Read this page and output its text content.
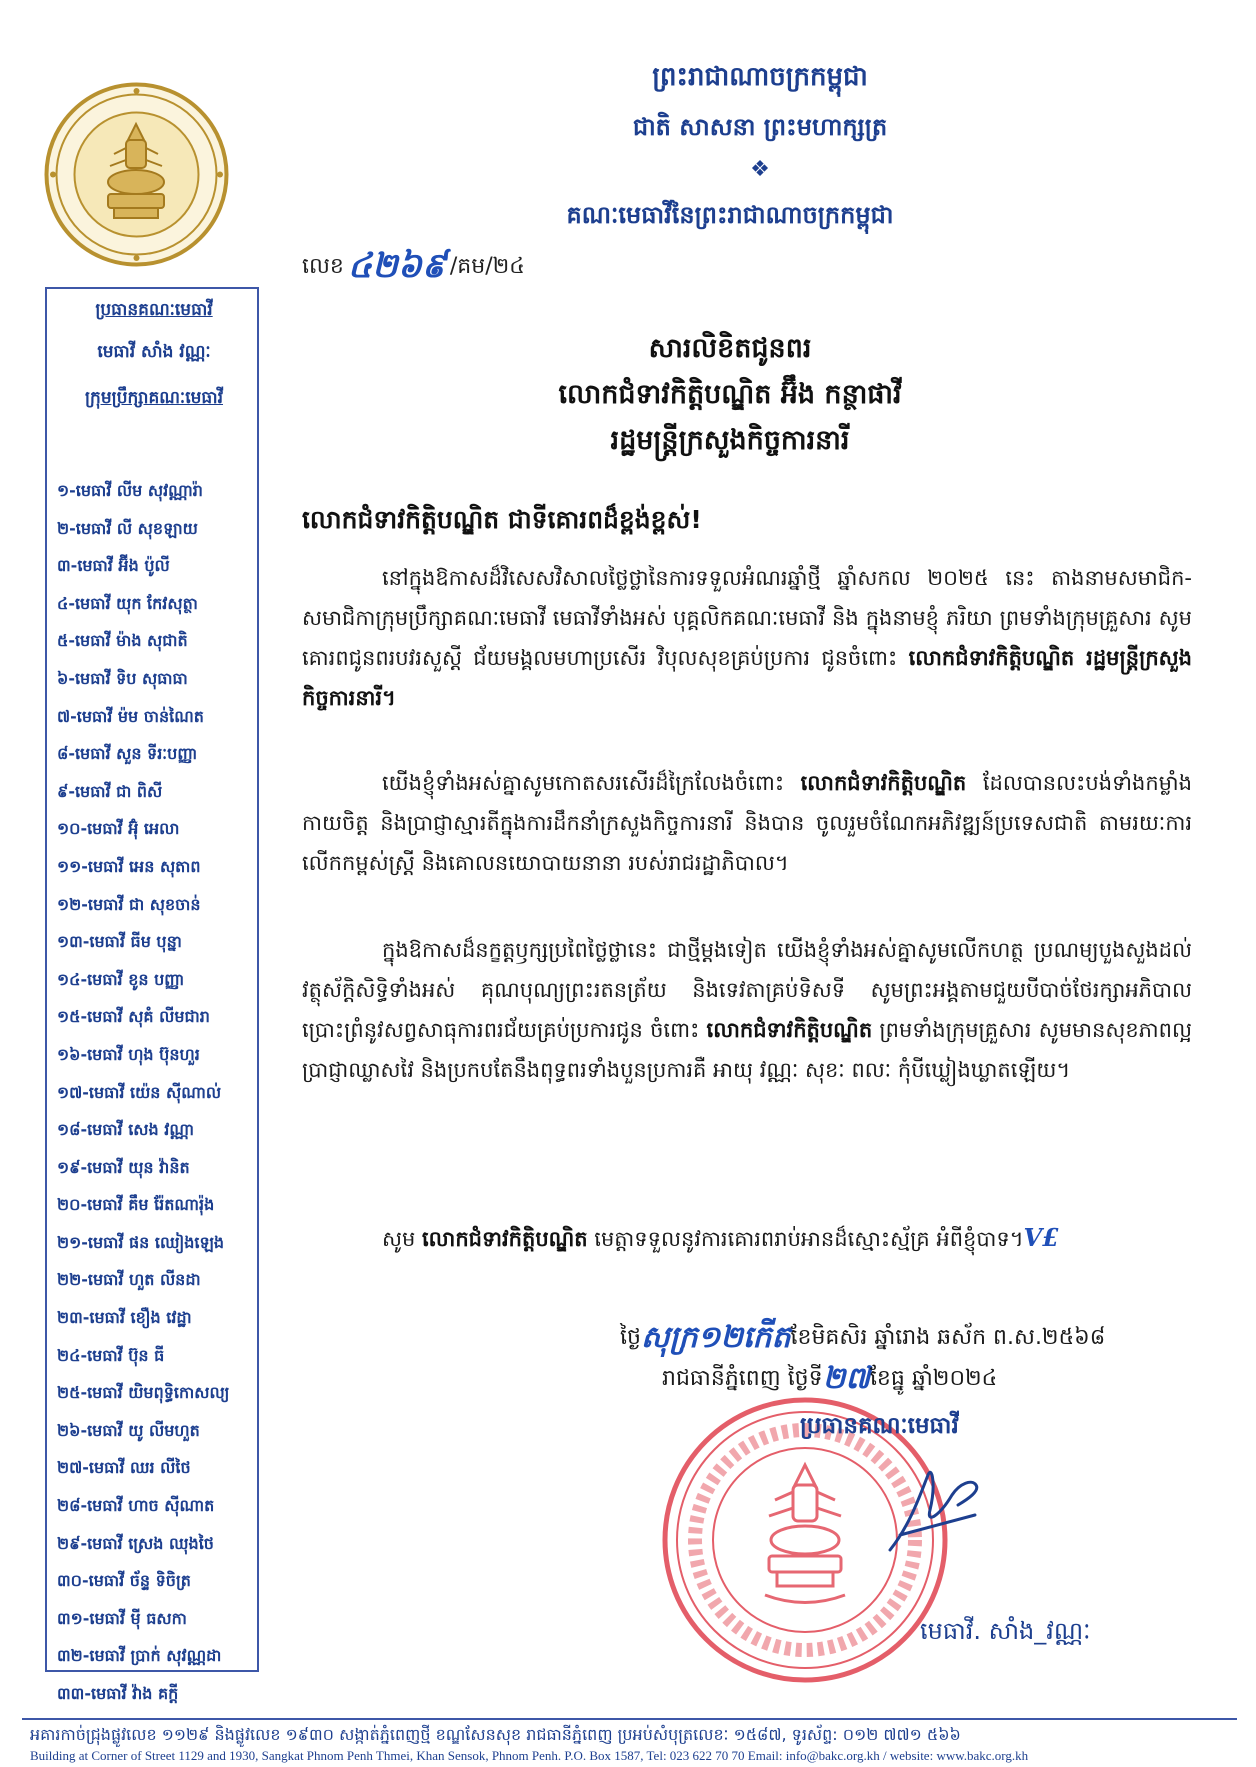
ព្រះរាជាណាចក្រកម្ពុជា
ជាតិ សាសនា ព្រះមហាក្សត្រ
❖
គណៈមេធាវីនៃព្រះរាជាណាចក្រកម្ពុជា
លេខ ៤២៦៩ /គម/២៤
ប្រធានគណៈមេធាវី
មេធាវី សាំង វណ្ណៈ
ក្រុមប្រឹក្សាគណៈមេធាវី
១-មេធាវី លីម សុវណ្ណារ៉ា
២-មេធាវី លី សុខឡាយ
៣-មេធាវី អ៊ីង ប៉ូលី
៤-មេធាវី យុក កែវសុត្ថា
៥-មេធាវី ម៉ាង សុជាតិ
៦-មេធាវី ទិប សុធាធា
៧-មេធាវី ម៉ម ចាន់ណៃត
៨-មេធាវី សួន ទីរៈបញ្ញា
៩-មេធាវី ជា ពិសី
១០-មេធាវី អ៊ុំ អេលា
១១-មេធាវី អេន សុតាព
១២-មេធាវី ជា សុខចាន់
១៣-មេធាវី ធីម បុន្នា
១៤-មេធាវី ខូន បញ្ញា
១៥-មេធាវី សុគំ លីមជារា
១៦-មេធាវី ហុង ប៊ុនហួរ
១៧-មេធាវី យ៉េន ស៊ីណាល់
១៨-មេធាវី សេង វណ្ណា
១៩-មេធាវី យុន វ៉ានិត
២០-មេធាវី គឹម រ៉ែតណារ៉ុង
២១-មេធាវី ផន ឈៀងឡេង
២២-មេធាវី ហួត លីនដា
២៣-មេធាវី ខឿង វេដ្ឋា
២៤-មេធាវី ប៊ុន ធី
២៥-មេធាវី យិមពុទ្ធិកោសល្យ
២៦-មេធាវី យូ លីមហួត
២៧-មេធាវី ឈរ លីថៃ
២៨-មេធាវី ហាច ស៊ីណាត
២៩-មេធាវី ស្រេង ឈុងថៃ
៣០-មេធាវី ច័ន្ទ ទិចិត្រ
៣១-មេធាវី ម៉ី ធសកា
៣២-មេធាវី ប្រាក់ សុវណ្ណដា
៣៣-មេធាវី វ៉ាង គក្តី
សារលិខិតជូនពរ
លោកជំទាវកិត្តិបណ្ឌិត អ៊ឹង កន្ថាផាវី
រដ្ឋមន្ត្រីក្រសួងកិច្ចការនារី
លោកជំទាវកិត្តិបណ្ឌិត ជាទីគោរពដ៏ខ្ពង់ខ្ពស់!
នៅក្នុងឱកាសដ៏វិសេសវិសាលថ្លៃថ្លានៃការទទួលអំណរឆ្នាំថ្មី ឆ្នាំសកល ២០២៥ នេះ តាងនាមសមាជិក-សមាជិកាក្រុមប្រឹក្សាគណៈមេធាវី មេធាវីទាំងអស់ បុគ្គលិកគណៈមេធាវី និង ក្នុងនាមខ្ញុំ ភរិយា ព្រមទាំងក្រុមគ្រួសារ សូមគោរពជូនពរបវរសួស្តី ជ័យមង្គលមហាប្រសើរ វិបុលសុខគ្រប់ប្រការ ជូនចំពោះ លោកជំទាវកិត្តិបណ្ឌិត រដ្ឋមន្ត្រីក្រសួងកិច្ចការនារី។
យើងខ្ញុំទាំងអស់គ្នាសូមកោតសរសើរដ៏ក្រៃលែងចំពោះ លោកជំទាវកិត្តិបណ្ឌិត ដែលបានលះបង់ទាំងកម្លាំងកាយចិត្ត និងប្រាជ្ញាស្មារតីក្នុងការដឹកនាំក្រសួងកិច្ចការនារី និងបាន ចូលរួមចំណែកអភិវឌ្ឍន៍ប្រទេសជាតិ តាមរយៈការលើកកម្ពស់ស្ត្រី និងគោលនយោបាយនានា របស់រាជរដ្ឋាភិបាល។
ក្នុងឱកាសដ៏នក្ខត្តឫក្សប្រពៃថ្លៃថ្លានេះ ជាថ្មីម្តងទៀត យើងខ្ញុំទាំងអស់គ្នាសូមលើកហត្ថ ប្រណម្យបួងសួងដល់វត្ថុស័ក្តិសិទ្ធិទាំងអស់ គុណបុណ្យព្រះរតនត្រ័យ និងទេវតាគ្រប់ទិសទី សូមព្រះអង្គតាមជួយបីបាច់ថែរក្សាអភិបាល ប្រោះព្រំនូវសព្វសាធុការពរជ័យគ្រប់ប្រការជូន ចំពោះ លោកជំទាវកិត្តិបណ្ឌិត ព្រមទាំងក្រុមគ្រួសារ សូមមានសុខភាពល្អ ប្រាជ្ញាឈ្លាសវៃ និងប្រកបតែនឹងពុទ្ធពរទាំងបួនប្រការគឺ អាយុ វណ្ណៈ សុខៈ ពលៈ កុំបីឃ្លៀងឃ្លាតឡើយ។
សូម លោកជំទាវកិត្តិបណ្ឌិត មេត្តាទទួលនូវការគោរពរាប់អានដ៏ស្មោះស្ម័គ្រ អំពីខ្ញុំបាទ។V£
ថ្ងៃសុក្រ១២កើតខែមិគសិរ ឆ្នាំរោង ឆស័ក ព.ស.២៥៦៨
រាជធានីភ្នំពេញ ថ្ងៃទី២៧ខែធ្នូ ឆ្នាំ២០២៤
ប្រធានគណៈមេធាវី
មេធាវី. សាំង_វណ្ណៈ
អគារកាច់ជ្រុងផ្លូវលេខ ១១២៩ និងផ្លូវលេខ ១៩៣០ សង្កាត់ភ្នំពេញថ្មី ខណ្ឌសែនសុខ រាជធានីភ្នំពេញ ប្រអប់សំបុត្រលេខៈ ១៥៨៧, ទូរស័ព្ទ: ០១២ ៧៧១ ៥៦៦
Building at Corner of Street 1129 and 1930, Sangkat Phnom Penh Thmei, Khan Sensok, Phnom Penh. P.O. Box 1587, Tel: 023 622 70 70 Email: info@bakc.org.kh / website: www.bakc.org.kh
